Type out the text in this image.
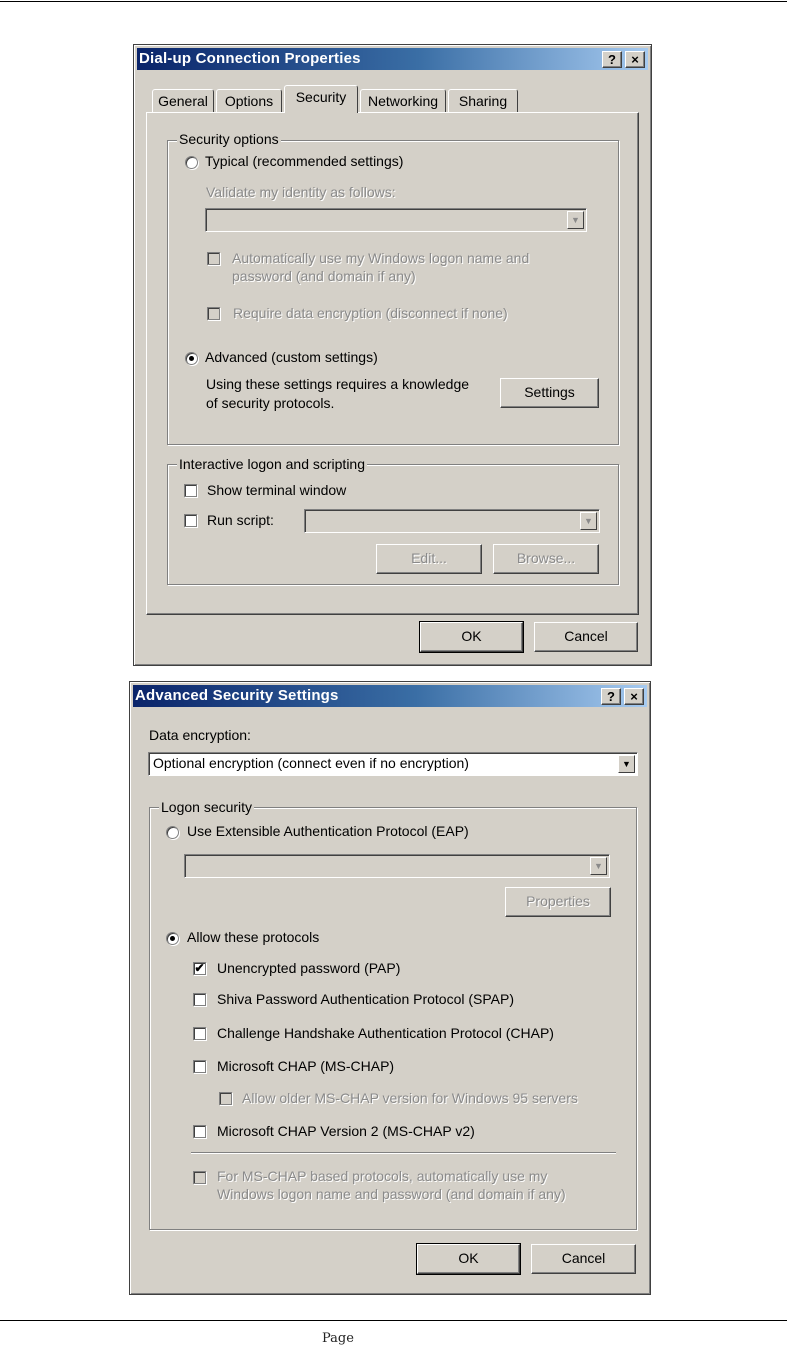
Page
Dial-up Connection Properties	?	×
General	Options	Security	Networking	Sharing
Security options
Typical (recommended settings)
Validate my identity as follows:
▼
Automatically use my Windows logon name and
password (and domain if any)
Require data encryption (disconnect if none)
Advanced (custom settings)
Using these settings requires a knowledge
of security protocols.
Settings
Interactive logon and scripting
Show terminal window
Run script:	▼
Edit...	Browse...
OK	Cancel
Advanced Security Settings	?	×
Data encryption:
Optional encryption (connect even if no encryption)	▼
Logon security
Use Extensible Authentication Protocol (EAP)
▼
Properties
Allow these protocols
✔ Unencrypted password (PAP)
Shiva Password Authentication Protocol (SPAP)
Challenge Handshake Authentication Protocol (CHAP)
Microsoft CHAP (MS-CHAP)
Allow older MS-CHAP version for Windows 95 servers
Microsoft CHAP Version 2 (MS-CHAP v2)
For MS-CHAP based protocols, automatically use my
Windows logon name and password (and domain if any)
OK	Cancel
